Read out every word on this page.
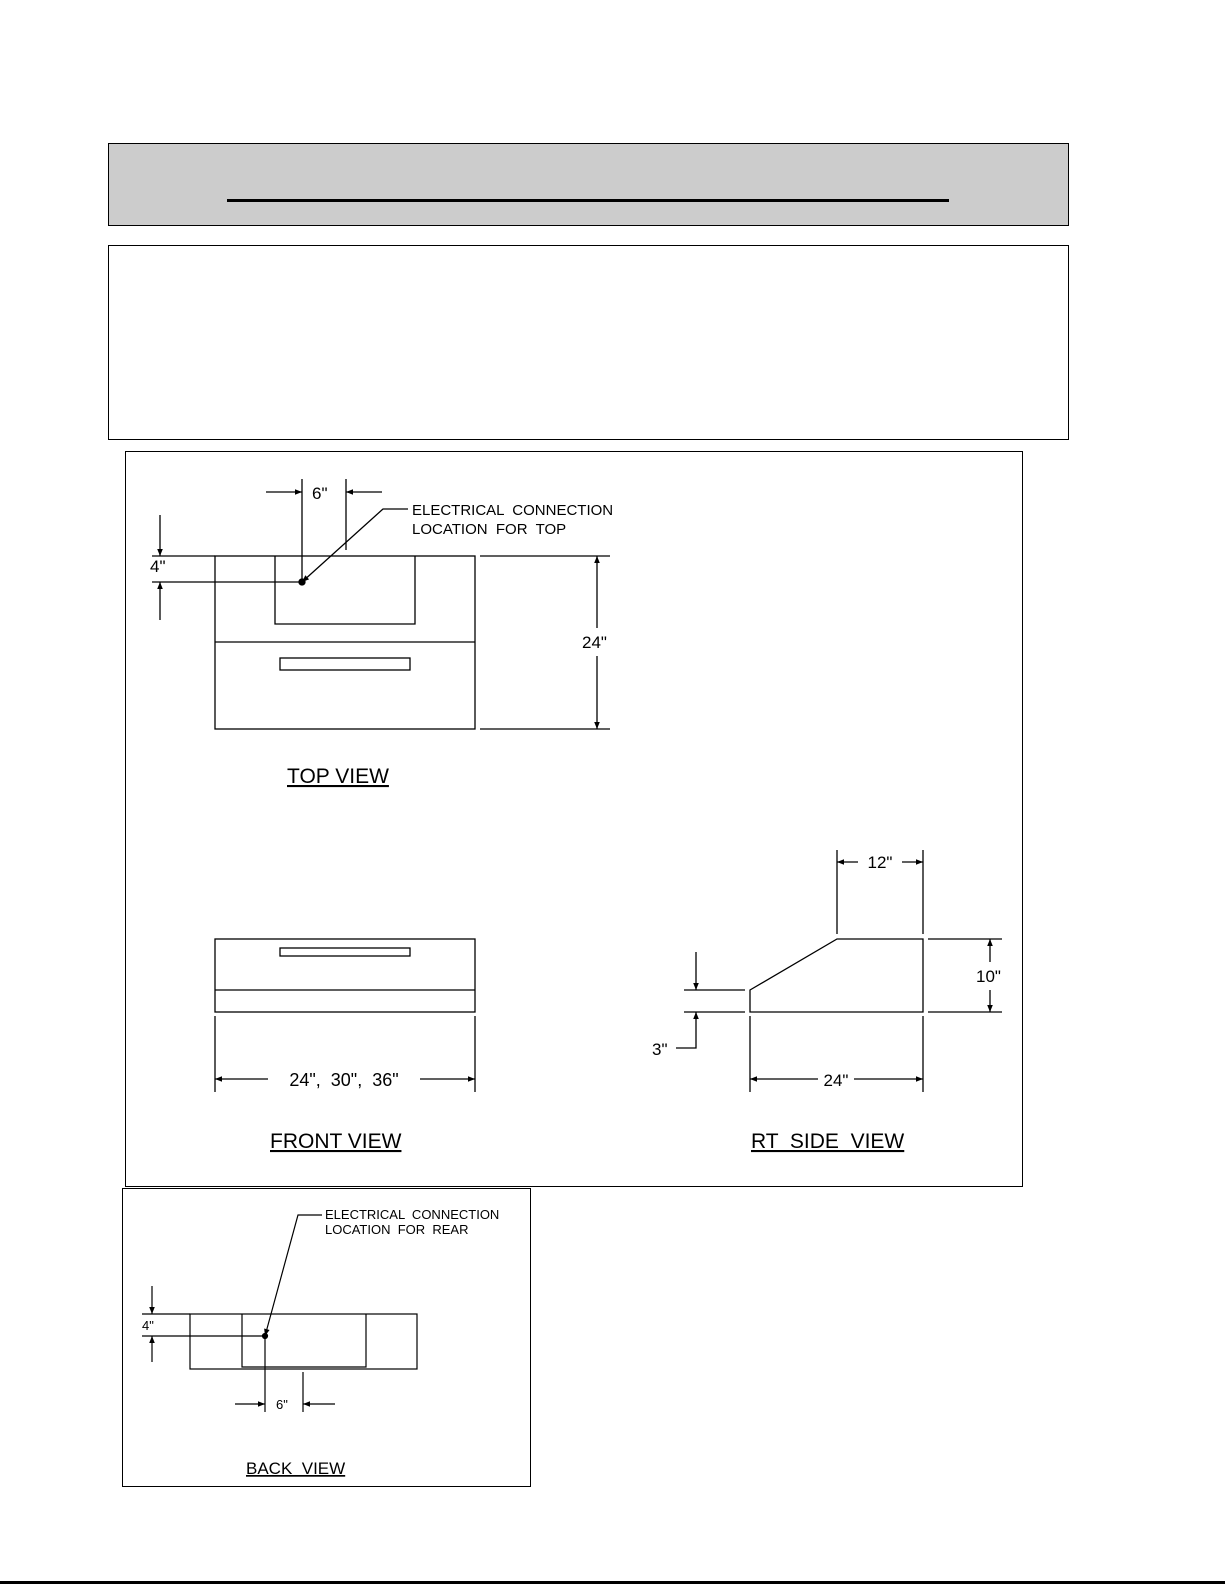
6"
4"
24"
ELECTRICAL  CONNECTION
LOCATION  FOR  TOP
TOP VIEW
24",  30",  36"
FRONT VIEW
12"
10"
3"
24"
RT  SIDE  VIEW
ELECTRICAL  CONNECTION
LOCATION  FOR  REAR
4"
6"
BACK  VIEW
